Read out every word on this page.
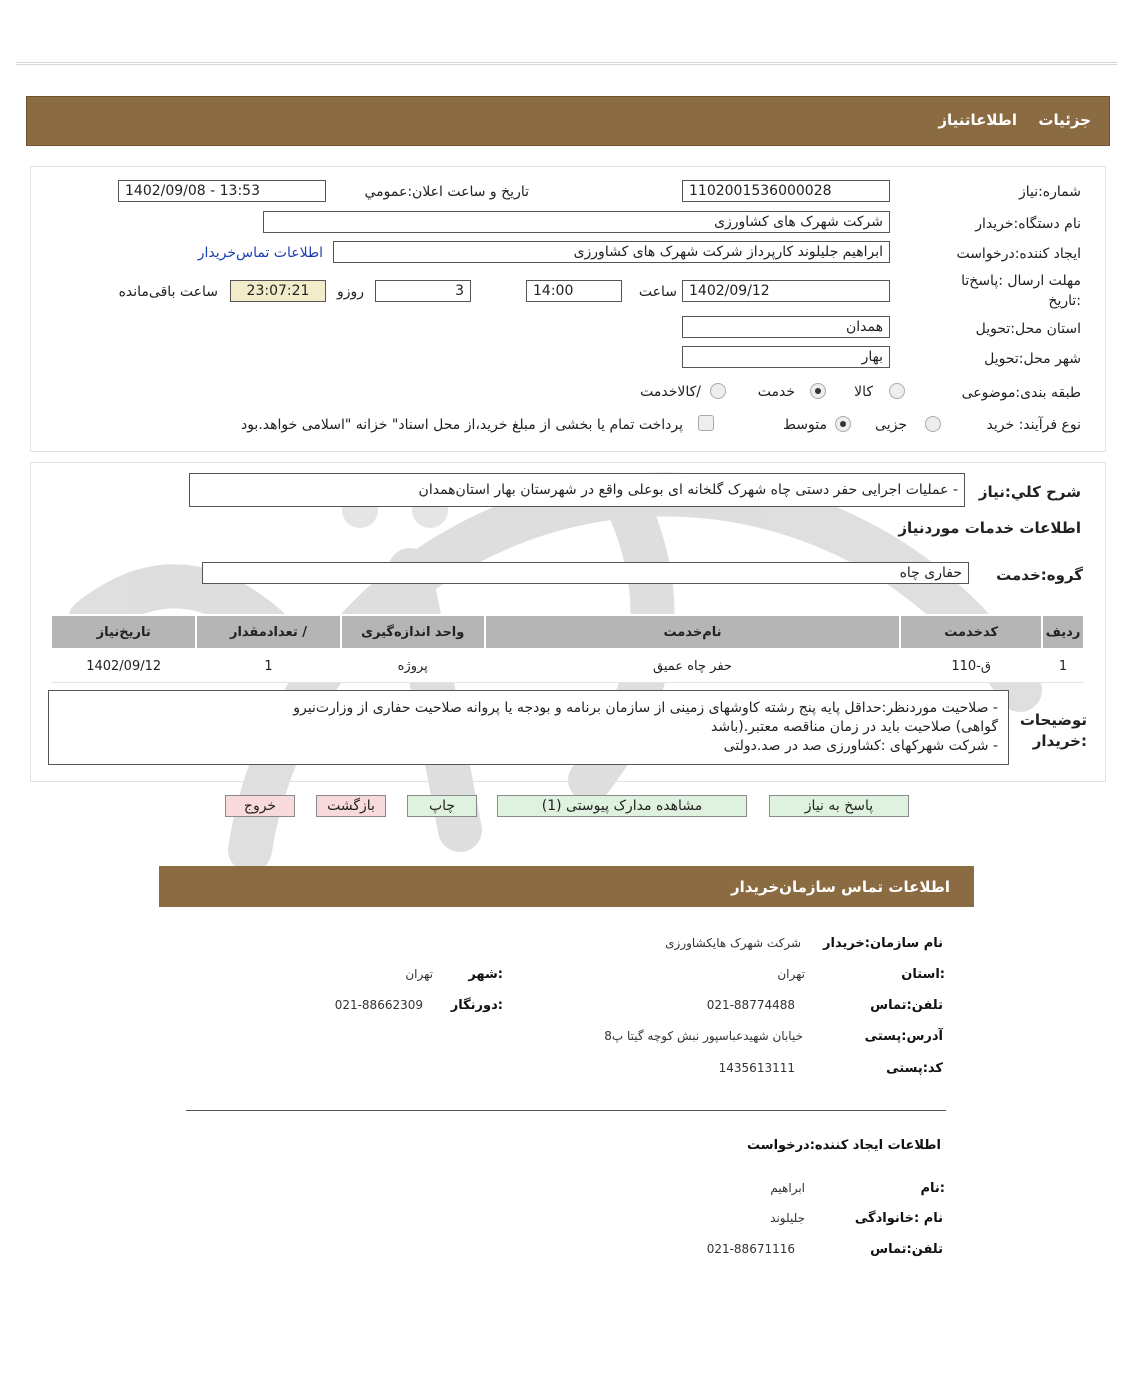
جزئیات
اطلاعاتنیاز
شماره:نیاز
1102001536000028
تاريخ و ساعت اعلان:عمومي
1402/09/08 - 13:53
نام دستگاه:خریدار
شرکت شهرک های کشاورزی
ایجاد کننده:درخواست
ابراهیم جلیلوند کارپرداز شرکت شهرک های کشاورزی
اطلاعات تماس‌خریدار
مهلت ارسال :پاسخ‌تا
:تاریخ
1402/09/12
ساعت
14:00
3
روزو
23:07:21
ساعت باقی‌مانده
استان محل:تحویل
همدان
شهر محل:تحویل
بهار
طبقه بندی:موضوعی
کالا
خدمت
/کالاخدمت
نوع فرآیند: خرید
جزیی
متوسط
پرداخت تمام یا بخشی از مبلغ خرید،از محل اسناد" خزانه "اسلامی خواهد.بود
شرح کلي:نیاز
- عملیات اجرایی حفر دستی چاه شهرک گلخانه ای بوعلی واقع در شهرستان بهار استان‌همدان
اطلاعات خدمات موردنیاز
گروه:خدمت
حفاری چاه
ردیف	کدخدمت	نام‌خدمت	واحد اندازه‌گیری	/ تعدادمقدار	تاریخ‌نیاز
1	ق-110	حفر چاه عمیق	پروژه	1	1402/09/12
توضیحات
:خریدار
- صلاحیت موردنظر:حداقل پایه پنج رشته کاوشهای زمینی از سازمان برنامه و بودجه یا پروانه صلاحیت حفاری از وزارت‌نیرو
گواهی) صلاحیت باید در زمان مناقصه معتبر.(باشد
- شرکت شهرکهای :کشاورزی صد در صد.دولتی
پاسخ به نیاز
مشاهده مدارک پیوستی (1)
چاپ
بازگشت
خروج
اطلاعات تماس سازمان‌خریدار
نام سازمان:خریدار
شرکت شهرک هایکشاورزی
:استان
تهران
:شهر
تهران
تلفن:تماس
021-88774488
:دورنگار
021-88662309
آدرس:پستی
خیابان شهیدعباسپور نبش کوچه گیتا پ8
کد:پستی
1435613111
اطلاعات ایجاد کننده:درخواست
:نام
ابراهیم
نام :خانوادگی
جلیلوند
تلفن:تماس
021-88671116
